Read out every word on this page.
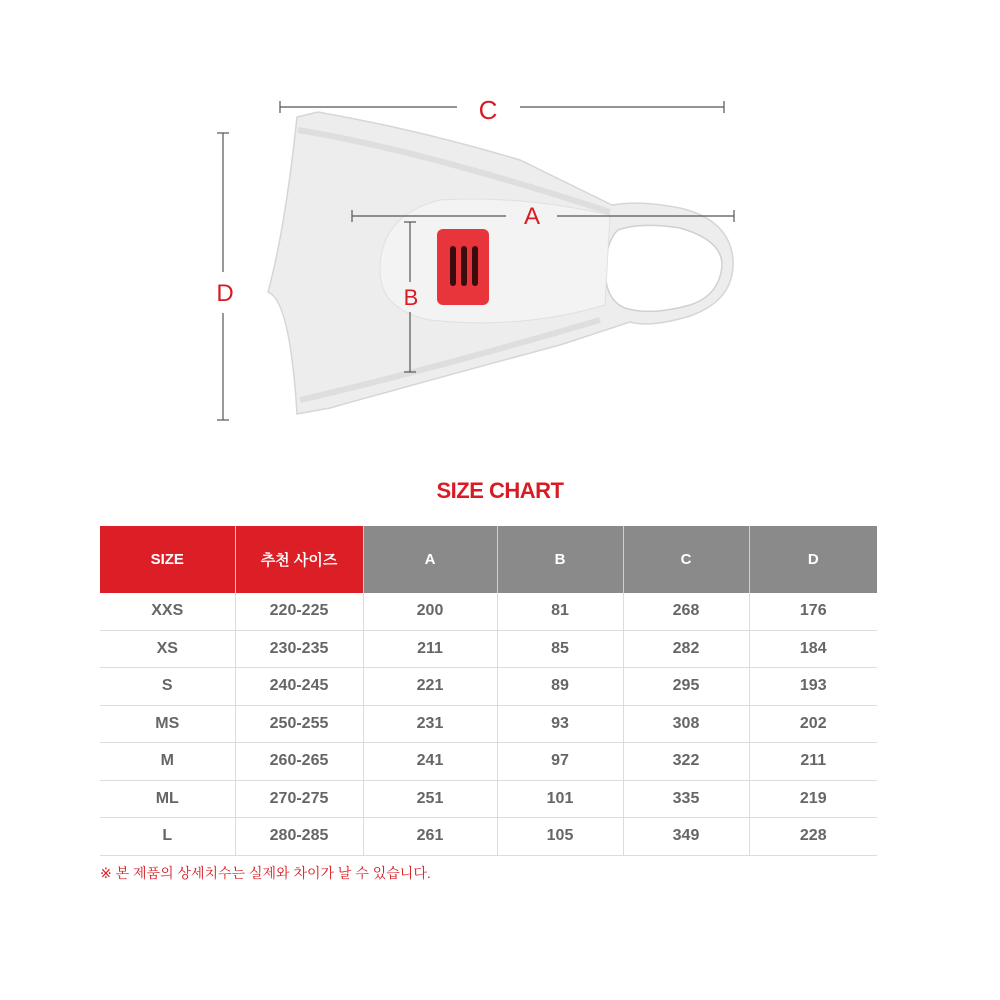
C
A
B
D
SIZE CHART
SIZE	추천 사이즈	A	B	C	D
XXS	220-225	200	81	268	176
XS	230-235	211	85	282	184
S	240-245	221	89	295	193
MS	250-255	231	93	308	202
M	260-265	241	97	322	211
ML	270-275	251	101	335	219
L	280-285	261	105	349	228
※ 본 제품의 상세치수는 실제와 차이가 날 수 있습니다.
